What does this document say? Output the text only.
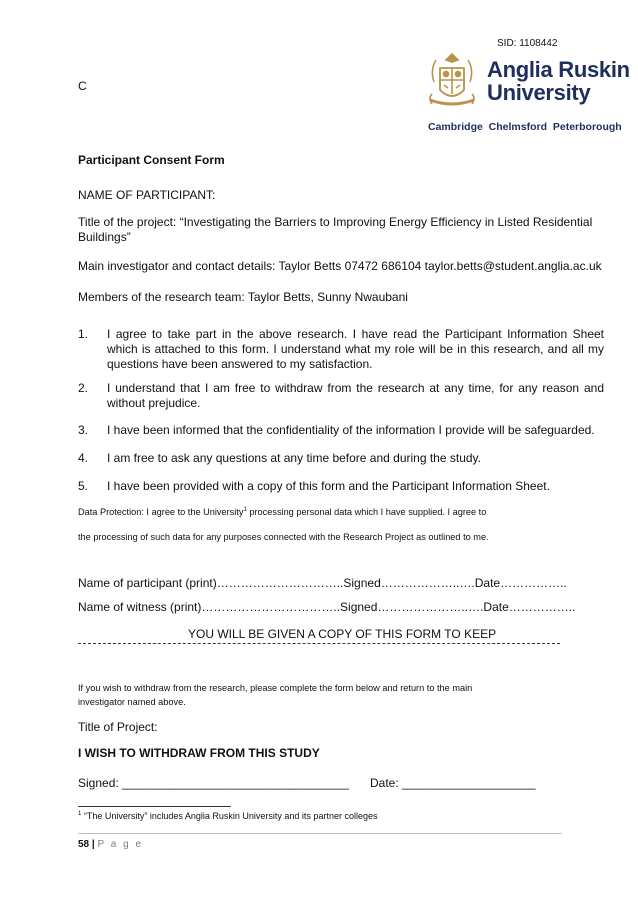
SID: 1108442
C
Anglia Ruskin
University
Cambridge  Chelmsford  Peterborough
Participant Consent Form
NAME OF PARTICIPANT:
Title of the project: “Investigating the Barriers to Improving Energy Efficiency in Listed Residential
Buildings”
Main investigator and contact details: Taylor Betts 07472 686104 taylor.betts@student.anglia.ac.uk
Members of the research team: Taylor Betts, Sunny Nwaubani
1. I agree to take part in the above research. I have read the Participant Information Sheet which is attached to this form. I understand what my role will be in this research, and all my questions have been answered to my satisfaction.
2. I understand that I am free to withdraw from the research at any time, for any reason and without prejudice.
3. I have been informed that the confidentiality of the information I provide will be safeguarded.
4. I am free to ask any questions at any time before and during the study.
5. I have been provided with a copy of this form and the Participant Information Sheet.
Data Protection: I agree to the University$^1$ processing personal data which I have supplied. I agree to
the processing of such data for any purposes connected with the Research Project as outlined to me.
Name of participant (print)…………………………..Signed………………..….Date……………..
Name of witness (print)……………………………..Signed…………………..….Date……………..
YOU WILL BE GIVEN A COPY OF THIS FORM TO KEEP
If you wish to withdraw from the research, please complete the form below and return to the main
investigator named above.
Title of Project:
I WISH TO WITHDRAW FROM THIS STUDY
Signed: __________________________________ Date: ____________________
$^1$ “The University” includes Anglia Ruskin University and its partner colleges
58 | P a g e
